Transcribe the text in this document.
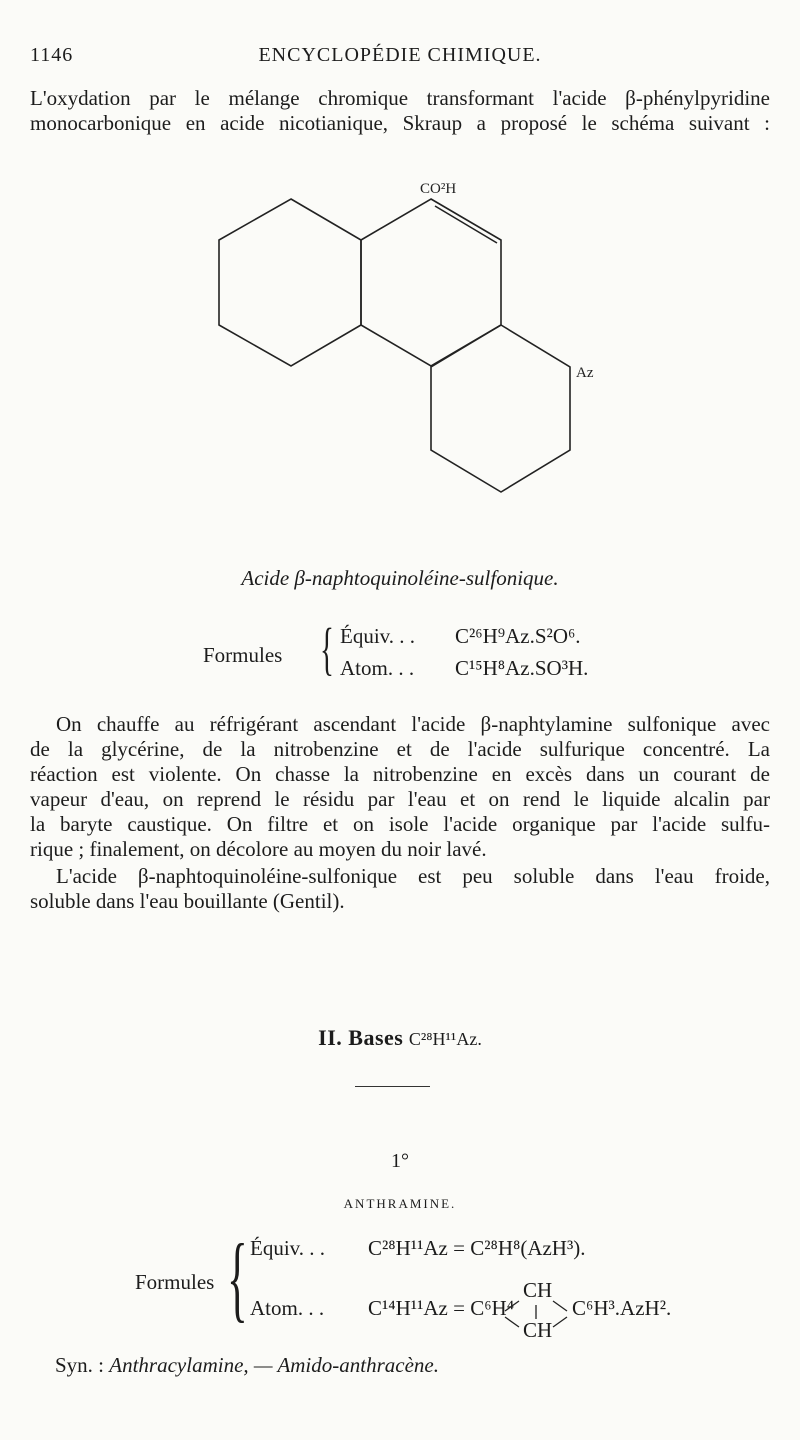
1146	ENCYCLOPÉDIE CHIMIQUE.
L'oxydation par le mélange chromique transformant l'acide β-phénylpyridine
monocarbonique en acide nicotianique, Skraup a proposé le schéma suivant :
CO²H
Az
Acide β-naphtoquinoléine-sulfonique.
Formules { Équiv. . . C²⁶H⁹Az.S²O⁶.
Atom. . . C¹⁵H⁸Az.SO³H.
On chauffe au réfrigérant ascendant l'acide β-naphtylamine sulfonique avec
de la glycérine, de la nitrobenzine et de l'acide sulfurique concentré. La
réaction est violente. On chasse la nitrobenzine en excès dans un courant de
vapeur d'eau, on reprend le résidu par l'eau et on rend le liquide alcalin par
la baryte caustique. On filtre et on isole l'acide organique par l'acide sulfu-
rique ; finalement, on décolore au moyen du noir lavé.
L'acide β-naphtoquinoléine-sulfonique est peu soluble dans l'eau froide,
soluble dans l'eau bouillante (Gentil).
II. Bases C²⁸H¹¹Az.
1°
ANTHRAMINE.
Formules { Équiv. . . C²⁸H¹¹Az = C²⁸H⁸(AzH³).
Atom. . . C¹⁴H¹¹Az = C⁶H⁴
CH
CH
C⁶H³.AzH².
Syn. : Anthracylamine, — Amido-anthracène.
